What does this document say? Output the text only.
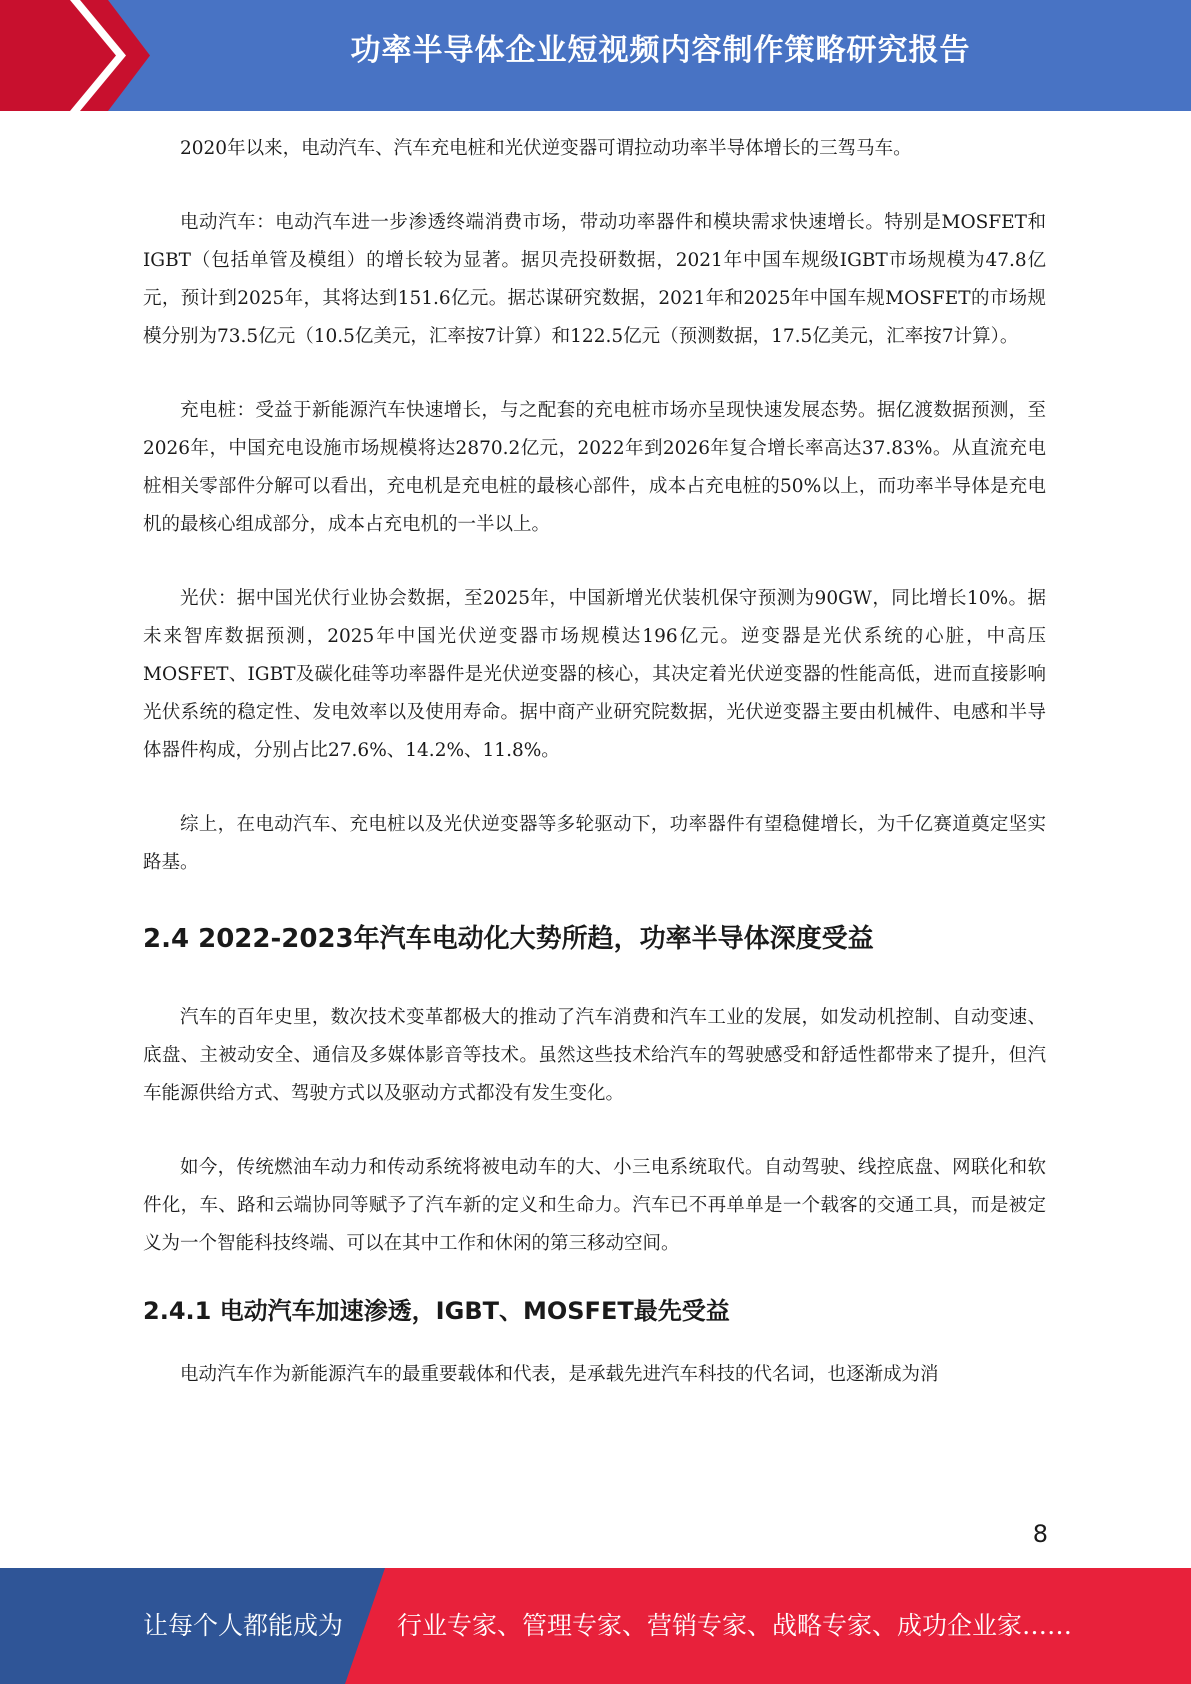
功率半导体企业短视频内容制作策略研究报告

2020年以来，电动汽车、汽车充电桩和光伏逆变器可谓拉动功率半导体增长的三驾马车。

电动汽车：电动汽车进一步渗透终端消费市场，带动功率器件和模块需求快速增长。特别是MOSFET和IGBT（包括单管及模组）的增长较为显著。据贝壳投研数据，2021年中国车规级IGBT市场规模为47.8亿元，预计到2025年，其将达到151.6亿元。据芯谋研究数据，2021年和2025年中国车规MOSFET的市场规模分别为73.5亿元（10.5亿美元，汇率按7计算）和122.5亿元（预测数据，17.5亿美元，汇率按7计算）。

充电桩：受益于新能源汽车快速增长，与之配套的充电桩市场亦呈现快速发展态势。据亿渡数据预测，至2026年，中国充电设施市场规模将达2870.2亿元，2022年到2026年复合增长率高达37.83%。从直流充电桩相关零部件分解可以看出，充电机是充电桩的最核心部件，成本占充电桩的50%以上，而功率半导体是充电机的最核心组成部分，成本占充电机的一半以上。

光伏：据中国光伏行业协会数据，至2025年，中国新增光伏装机保守预测为90GW，同比增长10%。据未来智库数据预测，2025年中国光伏逆变器市场规模达196亿元。逆变器是光伏系统的心脏，中高压MOSFET、IGBT及碳化硅等功率器件是光伏逆变器的核心，其决定着光伏逆变器的性能高低，进而直接影响光伏系统的稳定性、发电效率以及使用寿命。据中商产业研究院数据，光伏逆变器主要由机械件、电感和半导体器件构成，分别占比27.6%、14.2%、11.8%。

综上，在电动汽车、充电桩以及光伏逆变器等多轮驱动下，功率器件有望稳健增长，为千亿赛道奠定坚实路基。

2.4 2022-2023年汽车电动化大势所趋，功率半导体深度受益

汽车的百年史里，数次技术变革都极大的推动了汽车消费和汽车工业的发展，如发动机控制、自动变速、底盘、主被动安全、通信及多媒体影音等技术。虽然这些技术给汽车的驾驶感受和舒适性都带来了提升，但汽车能源供给方式、驾驶方式以及驱动方式都没有发生变化。

如今，传统燃油车动力和传动系统将被电动车的大、小三电系统取代。自动驾驶、线控底盘、网联化和软件化，车、路和云端协同等赋予了汽车新的定义和生命力。汽车已不再单单是一个载客的交通工具，而是被定义为一个智能科技终端、可以在其中工作和休闲的第三移动空间。

2.4.1 电动汽车加速渗透，IGBT、MOSFET最先受益

电动汽车作为新能源汽车的最重要载体和代表，是承载先进汽车科技的代名词，也逐渐成为消

8
让每个人都能成为 行业专家、管理专家、营销专家、战略专家、成功企业家……
